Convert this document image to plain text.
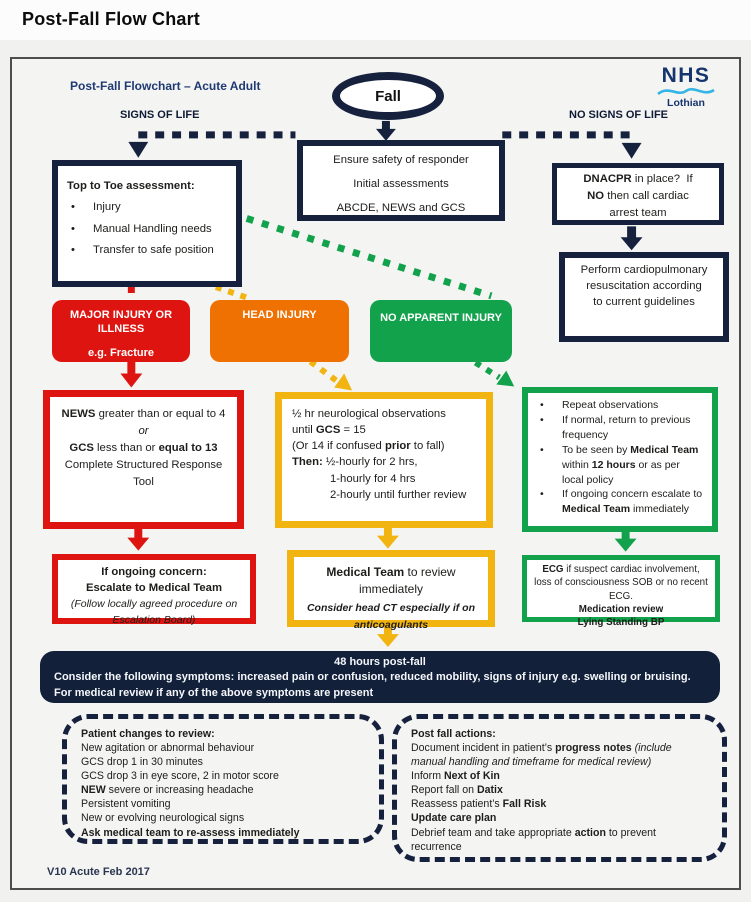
Post-Fall Flow Chart
Post-Fall Flowchart – Acute Adult	NHS
Lothian
Fall
SIGNS OF LIFE	NO SIGNS OF LIFE
Top to Toe assessment:
•	Injury
•	Manual Handling needs
•	Transfer to safe position
Ensure safety of responder
Initial assessments
ABCDE, NEWS and GCS
DNACPR in place?  If
NO then call cardiac
arrest team
Perform cardiopulmonary resuscitation according to current guidelines
MAJOR INJURY OR ILLNESS
e.g. Fracture
HEAD INJURY	NO APPARENT INJURY
NEWS greater than or equal to 4
or
GCS less than or equal to 13
Complete Structured Response Tool
½ hr neurological observations
until GCS = 15
(Or 14 if confused prior to fall)
Then: ½-hourly for 2 hrs,
1-hourly for 4 hrs
2-hourly until further review
•	Repeat observations
•	If normal, return to previous frequency
•	To be seen by Medical Team within 12 hours or as per local policy
•	If ongoing concern escalate to Medical Team immediately
If ongoing concern:
Escalate to Medical Team
(Follow locally agreed procedure on Escalation Board)
Medical Team to review immediately
Consider head CT especially if on anticoagulants
ECG if suspect cardiac involvement, loss of consciousness SOB or no recent ECG.
Medication review
Lying Standing BP
48 hours post-fall
Consider the following symptoms: increased pain or confusion, reduced mobility, signs of injury e.g. swelling or bruising. For medical review if any of the above symptoms are present
Patient changes to review:
New agitation or abnormal behaviour
GCS drop 1 in 30 minutes
GCS drop 3 in eye score, 2 in motor score
NEW severe or increasing headache
Persistent vomiting
New or evolving neurological signs
Ask medical team to re-assess immediately
Post fall actions:
Document incident in patient’s progress notes (include manual handling and timeframe for medical review)
Inform Next of Kin
Report fall on Datix
Reassess patient’s Fall Risk
Update care plan
Debrief team and take appropriate action to prevent recurrence
V10 Acute Feb 2017
